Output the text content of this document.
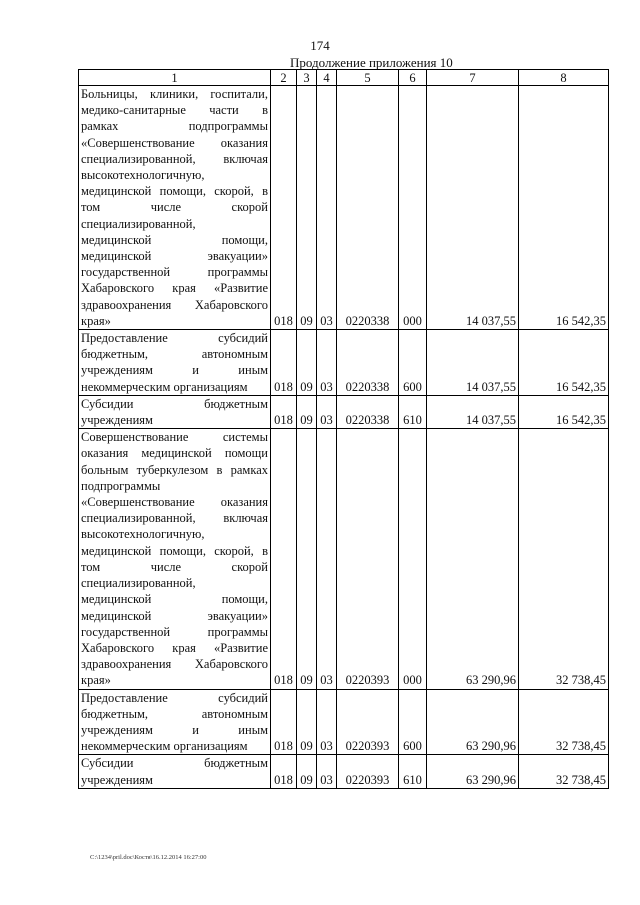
174
Продолжение приложения 10
1	2	3	4	5	6	7	8
Больницы, клиники, госпитали, медико-санитарные части в рамках подпрограммы «Совершенствование оказания специализированной, включая высокотехнологичную, медицинской помощи, скорой, в том числе скорой специализированной, медицинской помощи, медицинской эвакуации» государственной программы Хабаровского края «Развитие здравоохранения Хабаровского края»	018	09	03	0220338	000	14 037,55	16 542,35
Предоставление субсидий бюджетным, автономным учреждениям и иным некоммерческим организациям	018	09	03	0220338	600	14 037,55	16 542,35
Субсидии бюджетным учреждениям	018	09	03	0220338	610	14 037,55	16 542,35
Совершенствование системы оказания медицинской помощи больным туберкулезом в рамках подпрограммы «Совершенствование оказания специализированной, включая высокотехнологичную, медицинской помощи, скорой, в том числе скорой специализированной, медицинской помощи, медицинской эвакуации» государственной программы Хабаровского края «Развитие здравоохранения Хабаровского края»	018	09	03	0220393	000	63 290,96	32 738,45
Предоставление субсидий бюджетным, автономным учреждениям и иным некоммерческим организациям	018	09	03	0220393	600	63 290,96	32 738,45
Субсидии бюджетным учреждениям	018	09	03	0220393	610	63 290,96	32 738,45
С:\1234\pril.doc\Костя\16.12.2014 16:27:00
